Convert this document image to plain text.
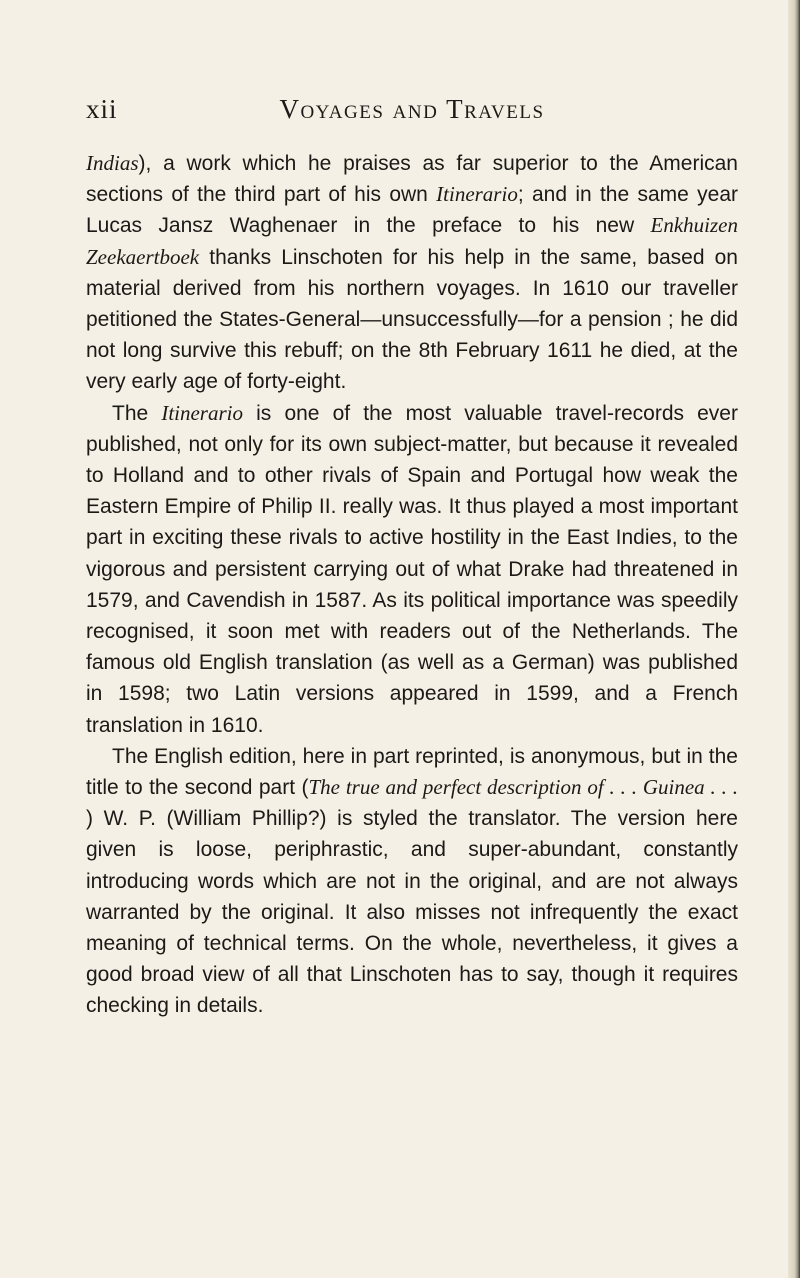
xii	Voyages and Travels

Indias), a work which he praises as far superior to the American sections of the third part of his own Itinerario; and in the same year Lucas Jansz Waghenaer in the preface to his new Enkhuizen Zeekaertboek thanks Linschoten for his help in the same, based on material derived from his northern voyages. In 1610 our traveller petitioned the States-General—unsuccessfully—for a pension ; he did not long survive this rebuff; on the 8th February 1611 he died, at the very early age of forty-eight.

The Itinerario is one of the most valuable travel-records ever published, not only for its own subject-matter, but because it revealed to Holland and to other rivals of Spain and Portugal how weak the Eastern Empire of Philip II. really was. It thus played a most important part in exciting these rivals to active hostility in the East Indies, to the vigorous and persistent carrying out of what Drake had threatened in 1579, and Cavendish in 1587. As its political importance was speedily recognised, it soon met with readers out of the Netherlands. The famous old English translation (as well as a German) was published in 1598; two Latin versions appeared in 1599, and a French translation in 1610.

The English edition, here in part reprinted, is anonymous, but in the title to the second part (The true and perfect description of . . . Guinea . . . ) W. P. (William Phillip?) is styled the translator. The version here given is loose, periphrastic, and super-abundant, constantly introducing words which are not in the original, and are not always warranted by the original. It also misses not infrequently the exact meaning of technical terms. On the whole, nevertheless, it gives a good broad view of all that Linschoten has to say, though it requires checking in details.
